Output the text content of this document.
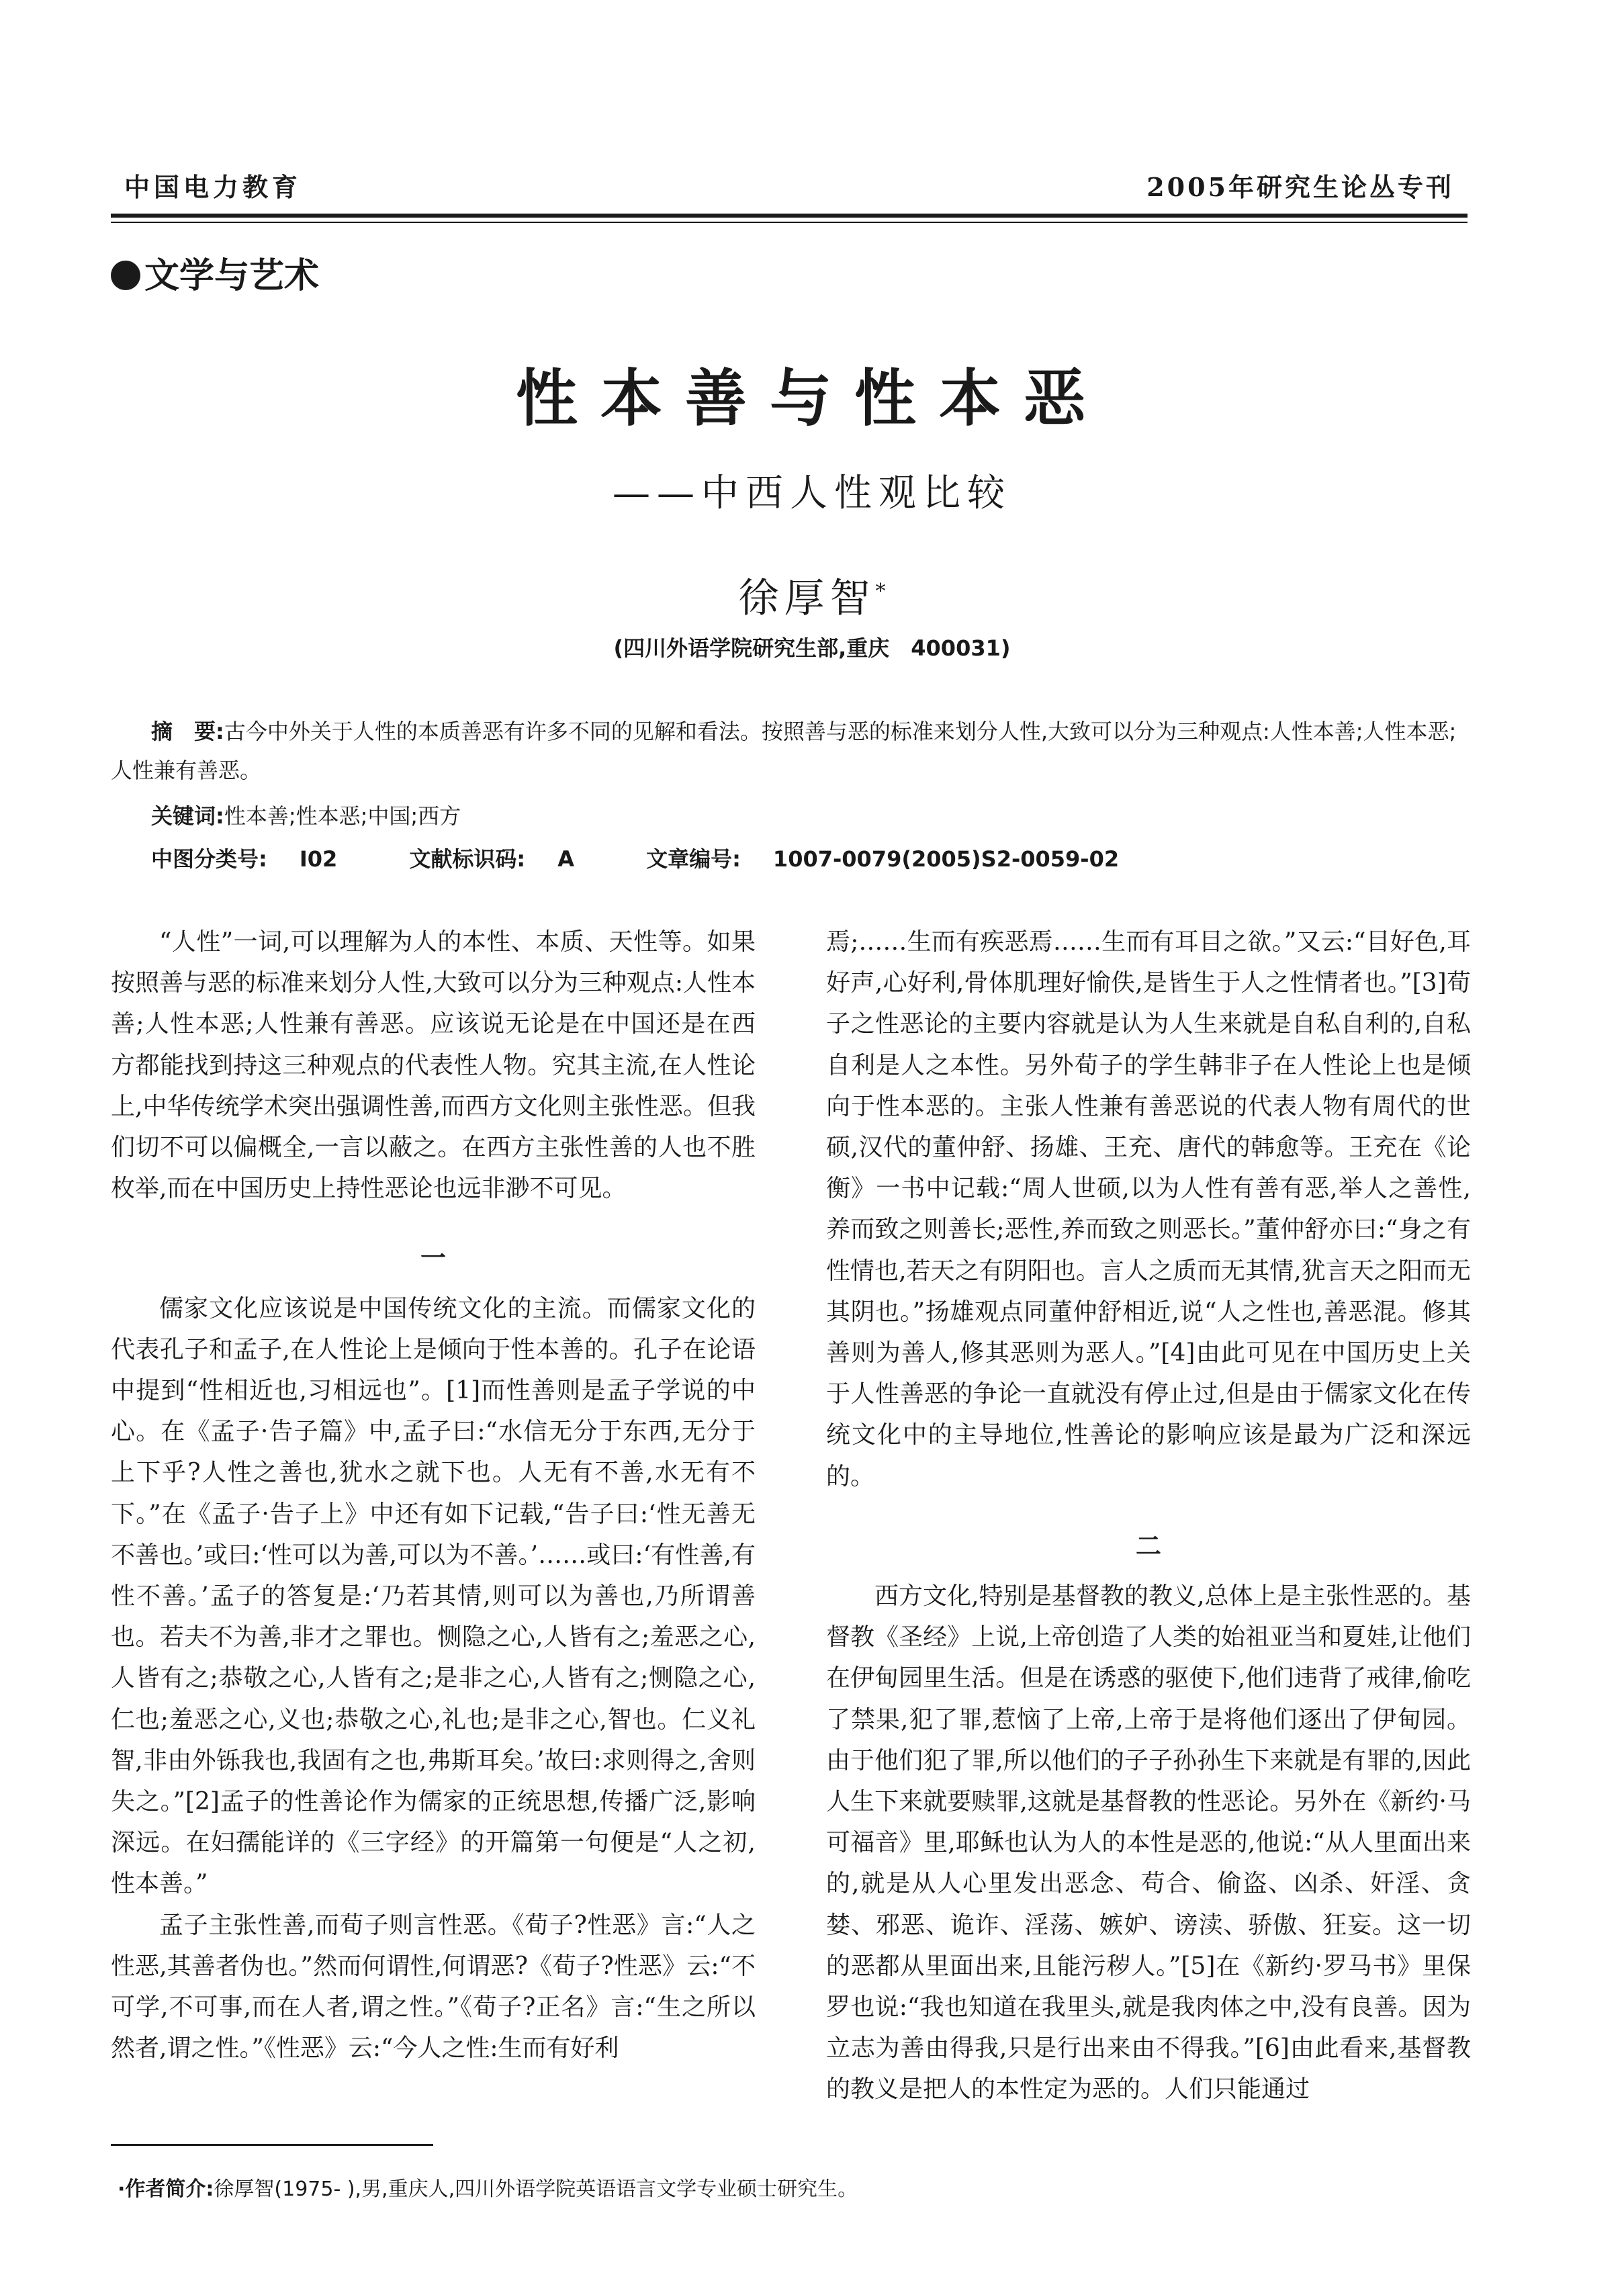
中国电力教育	2005年研究生论丛专刊
文学与艺术
性本善与性本恶
——中西人性观比较
徐厚智*
(四川外语学院研究生部,重庆　400031)
摘　要:古今中外关于人性的本质善恶有许多不同的见解和看法。按照善与恶的标准来划分人性,大致可以分为三种观点:人性本善;人性本恶;人性兼有善恶。
关键词:性本善;性本恶;中国;西方
中图分类号: I02	文献标识码: A	文章编号: 1007-0079(2005)S2-0059-02

“人性”一词,可以理解为人的本性、本质、天性等。如果按照善与恶的标准来划分人性,大致可以分为三种观点:人性本善;人性本恶;人性兼有善恶。应该说无论是在中国还是在西方都能找到持这三种观点的代表性人物。究其主流,在人性论上,中华传统学术突出强调性善,而西方文化则主张性恶。但我们切不可以偏概全,一言以蔽之。在西方主张性善的人也不胜枚举,而在中国历史上持性恶论也远非渺不可见。

一

儒家文化应该说是中国传统文化的主流。而儒家文化的代表孔子和孟子,在人性论上是倾向于性本善的。孔子在论语中提到“性相近也,习相远也”。[1]而性善则是孟子学说的中心。在《孟子·告子篇》中,孟子曰:“水信无分于东西,无分于上下乎?人性之善也,犹水之就下也。人无有不善,水无有不下。”在《孟子·告子上》中还有如下记载,“告子曰:‘性无善无不善也。’或曰:‘性可以为善,可以为不善。’……或曰:‘有性善,有性不善。’孟子的答复是:‘乃若其情,则可以为善也,乃所谓善也。若夫不为善,非才之罪也。恻隐之心,人皆有之;羞恶之心,人皆有之;恭敬之心,人皆有之;是非之心,人皆有之;恻隐之心,仁也;羞恶之心,义也;恭敬之心,礼也;是非之心,智也。仁义礼智,非由外铄我也,我固有之也,弗斯耳矣。’故曰:求则得之,舍则失之。”[2]孟子的性善论作为儒家的正统思想,传播广泛,影响深远。在妇孺能详的《三字经》的开篇第一句便是“人之初,性本善。”

孟子主张性善,而荀子则言性恶。《荀子?性恶》言:“人之性恶,其善者伪也。”然而何谓性,何谓恶?《荀子?性恶》云:“不可学,不可事,而在人者,谓之性。”《荀子?正名》言:“生之所以然者,谓之性。”《性恶》云:“今人之性:生而有好利

焉;……生而有疾恶焉……生而有耳目之欲。”又云:“目好色,耳好声,心好利,骨体肌理好愉佚,是皆生于人之性情者也。”[3]荀子之性恶论的主要内容就是认为人生来就是自私自利的,自私自利是人之本性。另外荀子的学生韩非子在人性论上也是倾向于性本恶的。主张人性兼有善恶说的代表人物有周代的世硕,汉代的董仲舒、扬雄、王充、唐代的韩愈等。王充在《论衡》一书中记载:“周人世硕,以为人性有善有恶,举人之善性,养而致之则善长;恶性,养而致之则恶长。”董仲舒亦曰:“身之有性情也,若天之有阴阳也。言人之质而无其情,犹言天之阳而无其阴也。”扬雄观点同董仲舒相近,说“人之性也,善恶混。修其善则为善人,修其恶则为恶人。”[4]由此可见在中国历史上关于人性善恶的争论一直就没有停止过,但是由于儒家文化在传统文化中的主导地位,性善论的影响应该是最为广泛和深远的。

二

西方文化,特别是基督教的教义,总体上是主张性恶的。基督教《圣经》上说,上帝创造了人类的始祖亚当和夏娃,让他们在伊甸园里生活。但是在诱惑的驱使下,他们违背了戒律,偷吃了禁果,犯了罪,惹恼了上帝,上帝于是将他们逐出了伊甸园。由于他们犯了罪,所以他们的子子孙孙生下来就是有罪的,因此人生下来就要赎罪,这就是基督教的性恶论。另外在《新约·马可福音》里,耶稣也认为人的本性是恶的,他说:“从人里面出来的,就是从人心里发出恶念、苟合、偷盗、凶杀、奸淫、贪婪、邪恶、诡诈、淫荡、嫉妒、谤渎、骄傲、狂妄。这一切的恶都从里面出来,且能污秽人。”[5]在《新约·罗马书》里保罗也说:“我也知道在我里头,就是我肉体之中,没有良善。因为立志为善由得我,只是行出来由不得我。”[6]由此看来,基督教的教义是把人的本性定为恶的。人们只能通过

·作者简介:徐厚智(1975- ),男,重庆人,四川外语学院英语语言文学专业硕士研究生。
